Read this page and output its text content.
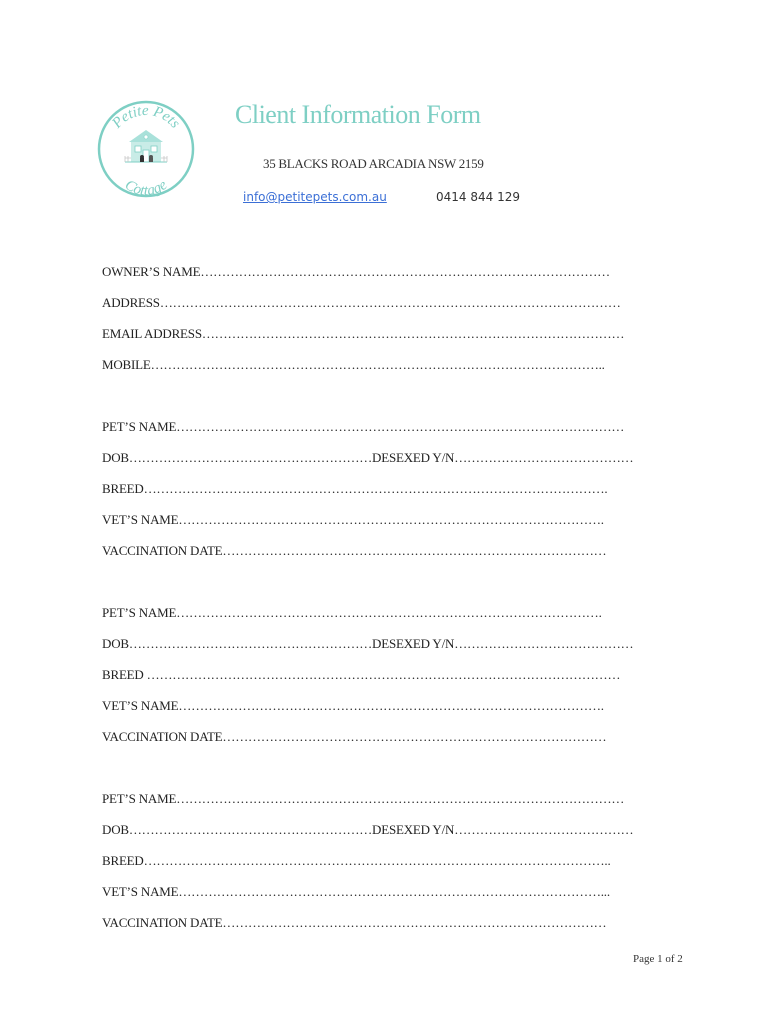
Petite Pets
Cottage
Client Information Form
35 BLACKS ROAD ARCADIA NSW 2159
info@petitepets.com.au	0414 844 129
OWNER’S NAME……………………………………………………………………………………
ADDRESS………………………………………………………………………………………………
EMAIL ADDRESS………………………………………………………………………………………
MOBILE……………………………………………………………………………………………..
PET’S NAME……………………………………………………………………………………………
DOB…………………………………………………DESEXED Y/N……………………………………
BREED……………………………………………………………………………………………….
VET’S NAME……………………………………………………………………………………….
VACCINATION DATE………………………………………………………………………………
PET’S NAME……………………………………………………………………………………….
DOB…………………………………………………DESEXED Y/N……………………………………
BREED …………………………………………………………………………………………………
VET’S NAME……………………………………………………………………………………….
VACCINATION DATE………………………………………………………………………………
PET’S NAME……………………………………………………………………………………………
DOB…………………………………………………DESEXED Y/N……………………………………
BREED………………………………………………………………………………………………..
VET’S NAME………………………………………………………………………………………...
VACCINATION DATE………………………………………………………………………………
Page 1 of 2
